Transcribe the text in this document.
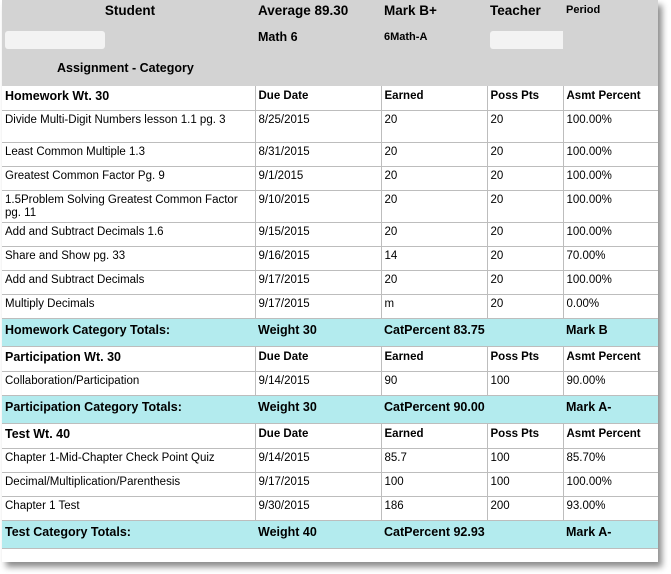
Student	Average 89.30	Mark B+	Teacher	Period
	Math 6	6Math-A		
Assignment - Category				
Homework Wt. 30	Due Date	Earned	Poss Pts	Asmt Percent
Divide Multi-Digit Numbers lesson 1.1 pg. 3	8/25/2015	20	20	100.00%
Least Common Multiple 1.3	8/31/2015	20	20	100.00%
Greatest Common Factor Pg. 9	9/1/2015	20	20	100.00%
1.5Problem Solving Greatest Common Factor pg. 11	9/10/2015	20	20	100.00%
Add and Subtract Decimals 1.6	9/15/2015	20	20	100.00%
Share and Show pg. 33	9/16/2015	14	20	70.00%
Add and Subtract Decimals	9/17/2015	20	20	100.00%
Multiply Decimals	9/17/2015	m	20	0.00%
Homework Category Totals:	Weight 30	CatPercent 83.75		Mark B
Participation Wt. 30	Due Date	Earned	Poss Pts	Asmt Percent
Collaboration/Participation	9/14/2015	90	100	90.00%
Participation Category Totals:	Weight 30	CatPercent 90.00		Mark A-
Test Wt. 40	Due Date	Earned	Poss Pts	Asmt Percent
Chapter 1-Mid-Chapter Check Point Quiz	9/14/2015	85.7	100	85.70%
Decimal/Multiplication/Parenthesis	9/17/2015	100	100	100.00%
Chapter 1 Test	9/30/2015	186	200	93.00%
Test Category Totals:	Weight 40	CatPercent 92.93		Mark A-
